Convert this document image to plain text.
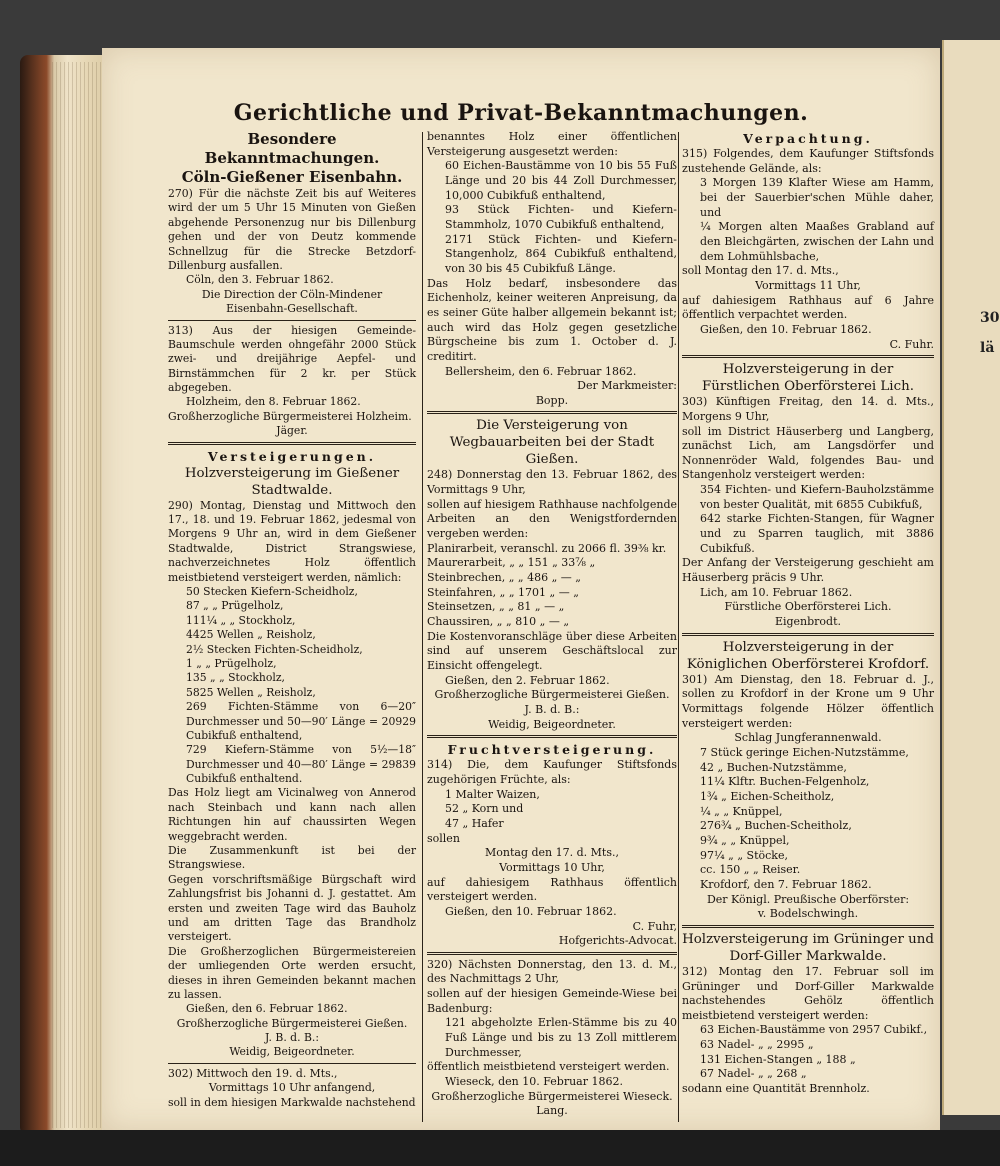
30
lä
Gerichtliche und Privat-Bekanntmachungen.

Besondere Bekanntmachungen.

Cöln-Gießener Eisenbahn.

270) Für die nächste Zeit bis auf Weiteres wird der um 5 Uhr 15 Minuten von Gießen abgehende Personenzug nur bis Dillenburg gehen und der von Deutz kommende Schnellzug für die Strecke Betzdorf-Dillenburg ausfallen.

Cöln, den 3. Februar 1862.

Die Direction der Cöln-Mindener

Eisenbahn-Gesellschaft.

313) Aus der hiesigen Gemeinde-Baumschule werden ohngefähr 2000 Stück zwei- und dreijährige Aepfel- und Birnstämmchen für 2 kr. per Stück abgegeben.

Holzheim, den 8. Februar 1862.

Großherzogliche Bürgermeisterei Holzheim.

Jäger.

Versteigerungen.

Holzversteigerung im Gießener Stadtwalde.

290) Montag, Dienstag und Mittwoch den 17., 18. und 19. Februar 1862, jedesmal von Morgens 9 Uhr an, wird in dem Gießener Stadtwalde, District Strangswiese, nachverzeichnetes Holz öffentlich meistbietend versteigert werden, nämlich:

50 Stecken Kiefern-Scheidholz,

87 „ „ Prügelholz,

111¼ „ „ Stockholz,

4425 Wellen „ Reisholz,

2½ Stecken Fichten-Scheidholz,

1 „ „ Prügelholz,

135 „ „ Stockholz,

5825 Wellen „ Reisholz,

269 Fichten-Stämme von 6—20″ Durchmesser und 50—90′ Länge = 20929 Cubikfuß enthaltend,

729 Kiefern-Stämme von 5½—18″ Durchmesser und 40—80′ Länge = 29839 Cubikfuß enthaltend.

Das Holz liegt am Vicinalweg von Annerod nach Steinbach und kann nach allen Richtungen hin auf chaussirten Wegen weggebracht werden.

Die Zusammenkunft ist bei der Strangswiese.

Gegen vorschriftsmäßige Bürgschaft wird Zahlungsfrist bis Johanni d. J. gestattet. Am ersten und zweiten Tage wird das Bauholz und am dritten Tage das Brandholz versteigert.

Die Großherzoglichen Bürgermeistereien der umliegenden Orte werden ersucht, dieses in ihren Gemeinden bekannt machen zu lassen.

Gießen, den 6. Februar 1862.

Großherzogliche Bürgermeisterei Gießen.

J. B. d. B.:

Weidig, Beigeordneter.

302) Mittwoch den 19. d. Mts.,

Vormittags 10 Uhr anfangend,

soll in dem hiesigen Markwalde nachstehend

benanntes Holz einer öffentlichen Versteigerung ausgesetzt werden:

60 Eichen-Baustämme von 10 bis 55 Fuß Länge und 20 bis 44 Zoll Durchmesser, 10,000 Cubikfuß enthaltend,

93 Stück Fichten- und Kiefern-Stammholz, 1070 Cubikfuß enthaltend,

2171 Stück Fichten- und Kiefern-Stangenholz, 864 Cubikfuß enthaltend, von 30 bis 45 Cubikfuß Länge.

Das Holz bedarf, insbesondere das Eichenholz, keiner weiteren Anpreisung, da es seiner Güte halber allgemein bekannt ist; auch wird das Holz gegen gesetzliche Bürgscheine bis zum 1. October d. J. creditirt.

Bellersheim, den 6. Februar 1862.

Der Markmeister:

Bopp.

Die Versteigerung von Wegbauarbeiten bei der Stadt Gießen.

248) Donnerstag den 13. Februar 1862, des Vormittags 9 Uhr,

sollen auf hiesigem Rathhause nachfolgende Arbeiten an den Wenigstfordernden vergeben werden:

Planirarbeit, veranschl. zu 2066 fl. 39⅜ kr.

Maurerarbeit, „ „ 151 „ 33⅞ „

Steinbrechen, „ „ 486 „ — „

Steinfahren, „ „ 1701 „ — „

Steinsetzen, „ „ 81 „ — „

Chaussiren, „ „ 810 „ — „

Die Kostenvoranschläge über diese Arbeiten sind auf unserem Geschäftslocal zur Einsicht offengelegt.

Gießen, den 2. Februar 1862.

Großherzogliche Bürgermeisterei Gießen.

J. B. d. B.:

Weidig, Beigeordneter.

Fruchtversteigerung.

314) Die, dem Kaufunger Stiftsfonds zugehörigen Früchte, als:

1 Malter Waizen,

52 „ Korn und

47 „ Hafer

sollen

Montag den 17. d. Mts.,

Vormittags 10 Uhr,

auf dahiesigem Rathhaus öffentlich versteigert werden.

Gießen, den 10. Februar 1862.

C. Fuhr,

Hofgerichts-Advocat.

320) Nächsten Donnerstag, den 13. d. M., des Nachmittags 2 Uhr,

sollen auf der hiesigen Gemeinde-Wiese bei Badenburg:

121 abgeholzte Erlen-Stämme bis zu 40 Fuß Länge und bis zu 13 Zoll mittlerem Durchmesser,

öffentlich meistbietend versteigert werden.

Wieseck, den 10. Februar 1862.

Großherzogliche Bürgermeisterei Wieseck.

Lang.

Verpachtung.

315) Folgendes, dem Kaufunger Stiftsfonds zustehende Gelände, als:

3 Morgen 139 Klafter Wiese am Hamm, bei der Sauerbier'schen Mühle daher, und

¼ Morgen alten Maaßes Grabland auf den Bleichgärten, zwischen der Lahn und dem Lohmühlsbache,

soll Montag den 17. d. Mts.,

Vormittags 11 Uhr,

auf dahiesigem Rathhaus auf 6 Jahre öffentlich verpachtet werden.

Gießen, den 10. Februar 1862.

C. Fuhr.

Holzversteigerung in der Fürstlichen Oberförsterei Lich.

303) Künftigen Freitag, den 14. d. Mts., Morgens 9 Uhr,

soll im District Häuserberg und Langberg, zunächst Lich, am Langsdörfer und Nonnenröder Wald, folgendes Bau- und Stangenholz versteigert werden:

354 Fichten- und Kiefern-Bauholzstämme von bester Qualität, mit 6855 Cubikfuß,

642 starke Fichten-Stangen, für Wagner und zu Sparren tauglich, mit 3886 Cubikfuß.

Der Anfang der Versteigerung geschieht am Häuserberg präcis 9 Uhr.

Lich, am 10. Februar 1862.

Fürstliche Oberförsterei Lich.

Eigenbrodt.

Holzversteigerung in der Königlichen Oberförsterei Krofdorf.

301) Am Dienstag, den 18. Februar d. J., sollen zu Krofdorf in der Krone um 9 Uhr Vormittags folgende Hölzer öffentlich versteigert werden:

Schlag Jungferannenwald.

7 Stück geringe Eichen-Nutzstämme,

42 „ Buchen-Nutzstämme,

11¼ Klftr. Buchen-Felgenholz,

1¾ „ Eichen-Scheitholz,

¼ „ „ Knüppel,

276¾ „ Buchen-Scheitholz,

9¾ „ „ Knüppel,

97¼ „ „ Stöcke,

cc. 150 „ „ Reiser.

Krofdorf, den 7. Februar 1862.

Der Königl. Preußische Oberförster:

v. Bodelschwingh.

Holzversteigerung im Grüninger und Dorf-Giller Markwalde.

312) Montag den 17. Februar soll im Grüninger und Dorf-Giller Markwalde nachstehendes Gehölz öffentlich meistbietend versteigert werden:

63 Eichen-Baustämme von 2957 Cubikf.,

63 Nadel- „ „ 2995 „

131 Eichen-Stangen „ 188 „

67 Nadel- „ „ 268 „

sodann eine Quantität Brennholz.
